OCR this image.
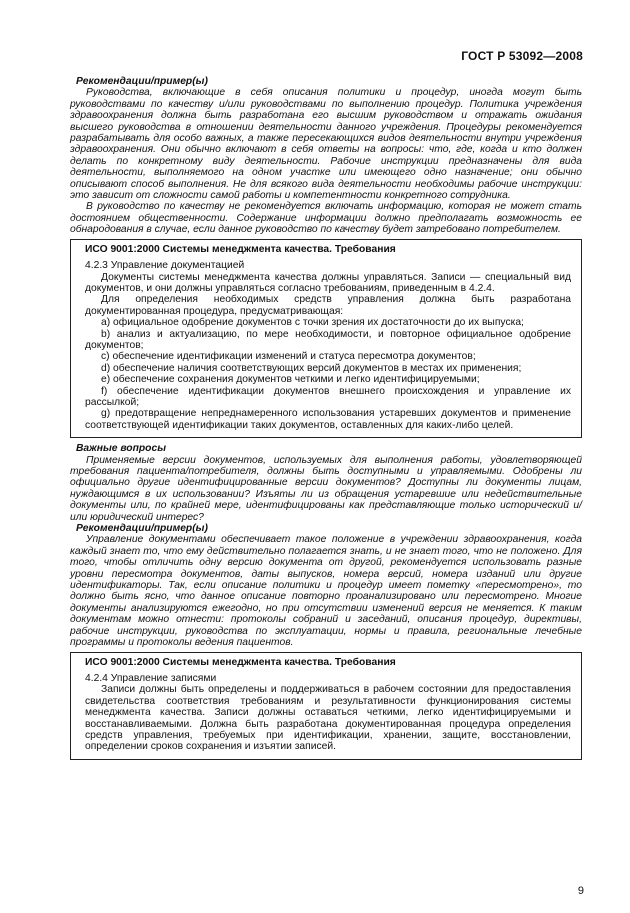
ГОСТ Р 53092—2008

Рекомендации/пример(ы)

Руководства, включающие в себя описания политики и процедур, иногда могут быть руководствами по качеству и/или руководствами по выполнению процедур. Политика учреждения здравоохранения должна быть разработана его высшим руководством и отражать ожидания высшего руководства в отношении деятельности данного учреждения. Процедуры рекомендуется разрабатывать для особо важных, а также пересекающихся видов деятельности внутри учреждения здравоохранения. Они обычно включают в себя ответы на вопросы: что, где, когда и кто должен делать по конкретному виду деятельности. Рабочие инструкции предназначены для вида деятельности, выполняемого на одном участке или имеющего одно назначение; они обычно описывают способ выполнения. Не для всякого вида деятельности необходимы рабочие инструкции: это зависит от сложности самой работы и компетентности конкретного сотрудника.

В руководство по качеству не рекомендуется включать информацию, которая не может стать достоянием общественности. Содержание информации должно предполагать возможность ее обнародования в случае, если данное руководство по качеству будет затребовано потребителем.

ИСО 9001:2000 Системы менеджмента качества. Требования

4.2.3 Управление документацией

Документы системы менеджмента качества должны управляться. Записи — специальный вид документов, и они должны управляться согласно требованиям, приведенным в 4.2.4.

Для определения необходимых средств управления должна быть разработана документированная процедура, предусматривающая:

a) официальное одобрение документов с точки зрения их достаточности до их выпуска;

b) анализ и актуализацию, по мере необходимости, и повторное официальное одобрение документов;

c) обеспечение идентификации изменений и статуса пересмотра документов;

d) обеспечение наличия соответствующих версий документов в местах их применения;

e) обеспечение сохранения документов четкими и легко идентифицируемыми;

f) обеспечение идентификации документов внешнего происхождения и управление их рассылкой;

g) предотвращение непреднамеренного использования устаревших документов и применение соответствующей идентификации таких документов, оставленных для каких-либо целей.

Важные вопросы

Применяемые версии документов, используемых для выполнения работы, удовлетворяющей требования пациента/потребителя, должны быть доступными и управляемыми. Одобрены ли официально другие идентифицированные версии документов? Доступны ли документы лицам, нуждающимся в их использовании? Изъяты ли из обращения устаревшие или недействительные документы или, по крайней мере, идентифицированы как представляющие только исторический и/или юридический интерес?

Рекомендации/пример(ы)

Управление документами обеспечивает такое положение в учреждении здравоохранения, когда каждый знает то, что ему действительно полагается знать, и не знает того, что не положено. Для того, чтобы отличить одну версию документа от другой, рекомендуется использовать разные уровни пересмотра документов, даты выпусков, номера версий, номера изданий или другие идентификаторы. Так, если описание политики и процедур имеет пометку «пересмотрено», то должно быть ясно, что данное описание повторно проанализировано или пересмотрено. Многие документы анализируются ежегодно, но при отсутствии изменений версия не меняется. К таким документам можно отнести: протоколы собраний и заседаний, описания процедур, директивы, рабочие инструкции, руководства по эксплуатации, нормы и правила, региональные лечебные программы и протоколы ведения пациентов.

ИСО 9001:2000 Системы менеджмента качества. Требования

4.2.4 Управление записями

Записи должны быть определены и поддерживаться в рабочем состоянии для предоставления свидетельства соответствия требованиям и результативности функционирования системы менеджмента качества. Записи должны оставаться четкими, легко идентифицируемыми и восстанавливаемыми. Должна быть разработана документированная процедура определения средств управления, требуемых при идентификации, хранении, защите, восстановлении, определении сроков сохранения и изъятии записей.

9
